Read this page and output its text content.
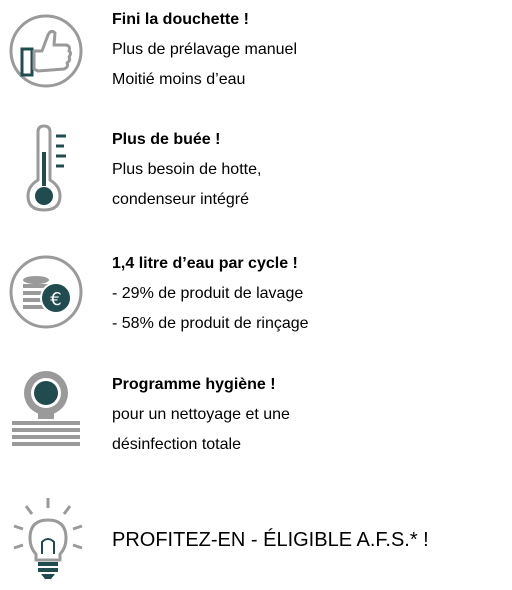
Fini la douchette !
Plus de prélavage manuel
Moitié moins d’eau
Plus de buée !
Plus besoin de hotte,
condenseur intégré
€
1,4 litre d’eau par cycle !
- 29% de produit de lavage
- 58% de produit de rinçage
Programme hygiène !
pour un nettoyage et une
désinfection totale
PROFITEZ-EN - ÉLIGIBLE A.F.S.* !
